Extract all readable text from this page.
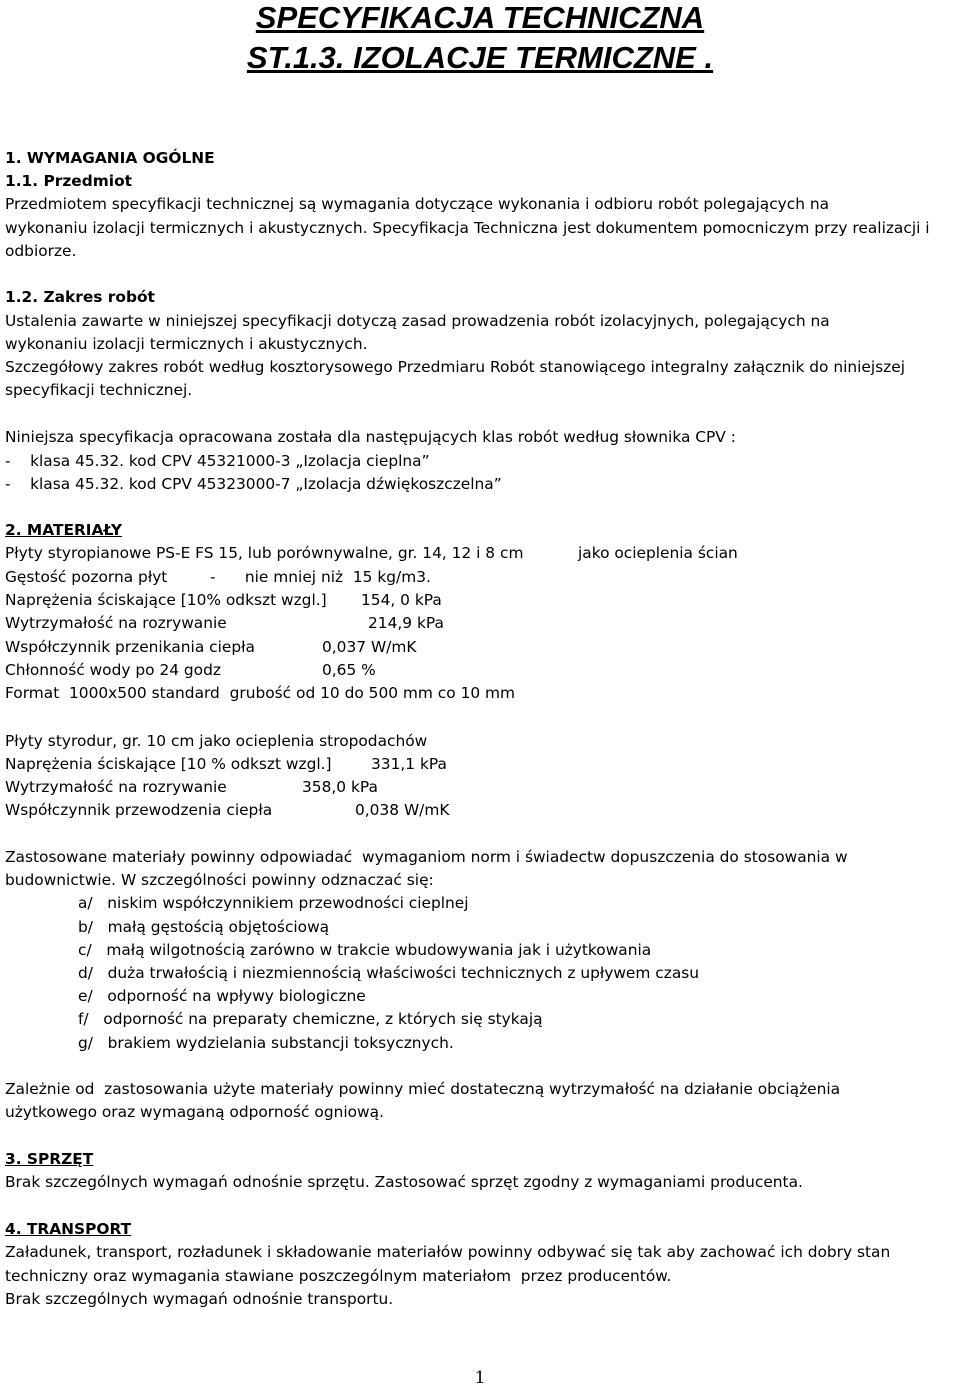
SPECYFIKACJA TECHNICZNA
ST.1.3. IZOLACJE TERMICZNE .
1. WYMAGANIA OGÓLNE
1.1. Przedmiot
Przedmiotem specyfikacji technicznej są wymagania dotyczące wykonania i odbioru robót polegających na
wykonaniu izolacji termicznych i akustycznych. Specyfikacja Techniczna jest dokumentem pomocniczym przy realizacji i
odbiorze.
1.2. Zakres robót
Ustalenia zawarte w niniejszej specyfikacji dotyczą zasad prowadzenia robót izolacyjnych, polegających na
wykonaniu izolacji termicznych i akustycznych.
Szczegółowy zakres robót według kosztorysowego Przedmiaru Robót stanowiącego integralny załącznik do niniejszej
specyfikacji technicznej.
Niniejsza specyfikacja opracowana została dla następujących klas robót według słownika CPV :
-    klasa 45.32. kod CPV 45321000-3 „Izolacja cieplna”
-    klasa 45.32. kod CPV 45323000-7 „Izolacja dźwiękoszczelna”
2. MATERIAŁY
Płyty styropianowe PS-E FS 15, lub porównywalne, gr. 14, 12 i 8 cm	jako ocieplenia ścian
Gęstość pozorna płyt	-      nie mniej niż  15 kg/m3.
Naprężenia ściskające [10% odkszt wzgl.] 154, 0 kPa
Wytrzymałość na rozrywanie	214,9 kPa
Współczynnik przenikania ciepła	0,037 W/mK
Chłonność wody po 24 godz	0,65 %
Format  1000x500 standard  grubość od 10 do 500 mm co 10 mm
Płyty styrodur, gr. 10 cm jako ocieplenia stropodachów
Naprężenia ściskające [10 % odkszt wzgl.]	331,1 kPa
Wytrzymałość na rozrywanie	358,0 kPa
Współczynnik przewodzenia ciepła	0,038 W/mK
Zastosowane materiały powinny odpowiadać  wymaganiom norm i świadectw dopuszczenia do stosowania w
budownictwie. W szczególności powinny odznaczać się:
a/   niskim współczynnikiem przewodności cieplnej
b/   małą gęstością objętościową
c/   małą wilgotnością zarówno w trakcie wbudowywania jak i użytkowania
d/   duża trwałością i niezmiennością właściwości technicznych z upływem czasu
e/   odporność na wpływy biologiczne
f/   odporność na preparaty chemiczne, z których się stykają
g/   brakiem wydzielania substancji toksycznych.
Zależnie od  zastosowania użyte materiały powinny mieć dostateczną wytrzymałość na działanie obciążenia
użytkowego oraz wymaganą odporność ogniową.
3. SPRZĘT
Brak szczególnych wymagań odnośnie sprzętu. Zastosować sprzęt zgodny z wymaganiami producenta.
4. TRANSPORT
Załadunek, transport, rozładunek i składowanie materiałów powinny odbywać się tak aby zachować ich dobry stan
techniczny oraz wymagania stawiane poszczególnym materiałom  przez producentów.
Brak szczególnych wymagań odnośnie transportu.
1
